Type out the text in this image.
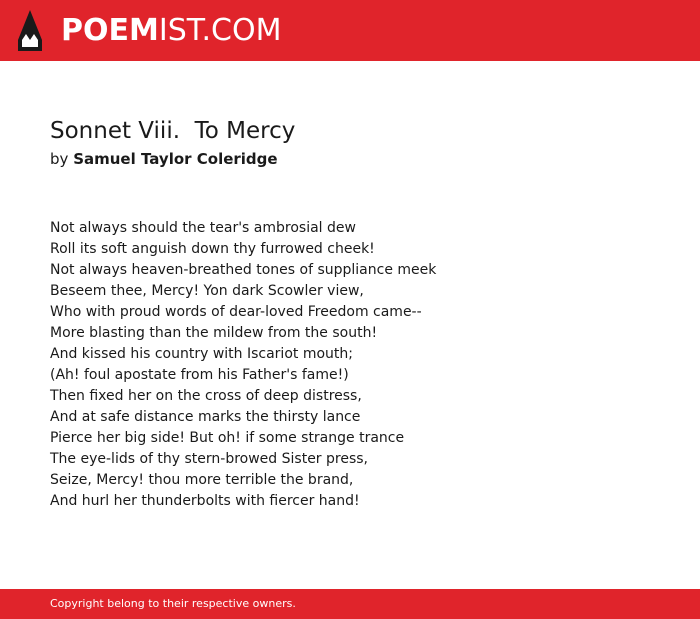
POEMIST.COM
Sonnet Viii.  To Mercy
by Samuel Taylor Coleridge
Not always should the tear's ambrosial dew
Roll its soft anguish down thy furrowed cheek!
Not always heaven-breathed tones of suppliance meek
Beseem thee, Mercy! Yon dark Scowler view,
Who with proud words of dear-loved Freedom came--
More blasting than the mildew from the south!
And kissed his country with Iscariot mouth;
(Ah! foul apostate from his Father's fame!)
Then fixed her on the cross of deep distress,
And at safe distance marks the thirsty lance
Pierce her big side! But oh! if some strange trance
The eye-lids of thy stern-browed Sister press,
Seize, Mercy! thou more terrible the brand,
And hurl her thunderbolts with fiercer hand!
Copyright belong to their respective owners.
